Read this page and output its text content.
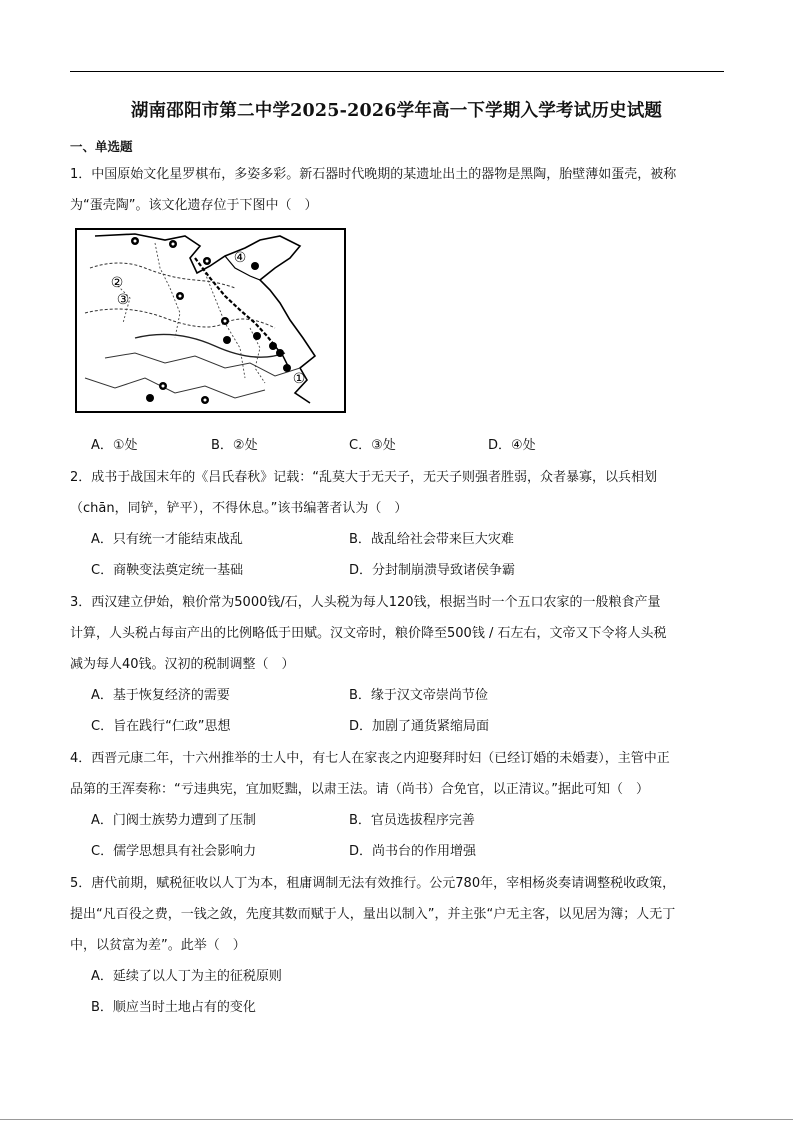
湖南邵阳市第二中学2025-2026学年高一下学期入学考试历史试题
一、单选题
1．中国原始文化星罗棋布，多姿多彩。新石器时代晚期的某遗址出土的器物是黑陶，胎壁薄如蛋壳，被称
为“蛋壳陶”。该文化遗存位于下图中（　）
①
②
③
④
A．①处	B．②处	C．③处	D．④处
2．成书于战国末年的《吕氏春秋》记载：“乱莫大于无天子，无天子则强者胜弱，众者暴寡，以兵相划
（chān，同铲，铲平），不得休息。”该书编著者认为（　）
A．只有统一才能结束战乱	B．战乱给社会带来巨大灾难
C．商鞅变法奠定统一基础	D．分封制崩溃导致诸侯争霸
3．西汉建立伊始，粮价常为5000钱/石，人头税为每人120钱，根据当时一个五口农家的一般粮食产量
计算，人头税占每亩产出的比例略低于田赋。汉文帝时，粮价降至500钱 / 石左右，文帝又下令将人头税
减为每人40钱。汉初的税制调整（　）
A．基于恢复经济的需要	B．缘于汉文帝崇尚节俭
C．旨在践行“仁政”思想	D．加剧了通货紧缩局面
4．西晋元康二年，十六州推举的士人中，有七人在家丧之内迎娶拜时妇（已经订婚的未婚妻），主管中正
品第的王浑奏称：“亏违典宪，宜加贬黜，以肃王法。请（尚书）合免官，以正清议。”据此可知（　）
A．门阀士族势力遭到了压制	B．官员选拔程序完善
C．儒学思想具有社会影响力	D．尚书台的作用增强
5．唐代前期，赋税征收以人丁为本，租庸调制无法有效推行。公元780年，宰相杨炎奏请调整税收政策，
提出“凡百役之费，一钱之敛，先度其数而赋于人，量出以制入”，并主张“户无主客，以见居为簿；人无丁
中，以贫富为差”。此举（　）
A．延续了以人丁为主的征税原则
B．顺应当时土地占有的变化
